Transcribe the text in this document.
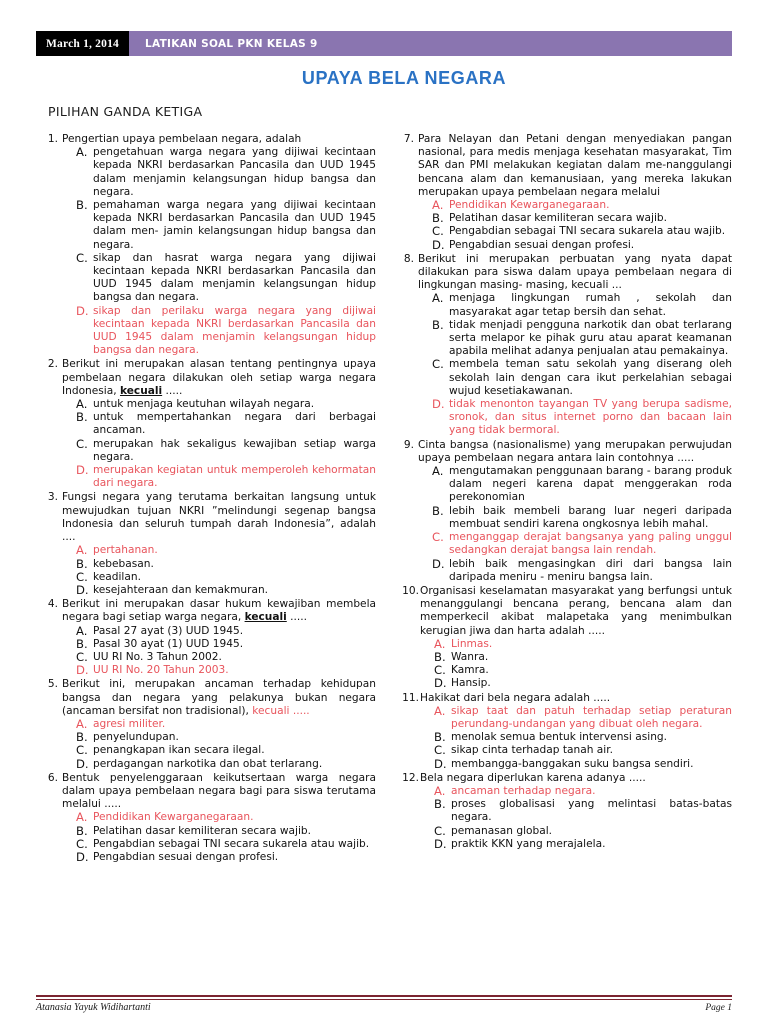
March 1, 2014	LATIKAN SOAL PKN KELAS 9
UPAYA BELA NEGARA
PILIHAN GANDA KETIGA
1. Pengertian upaya pembelaan negara, adalah
A. pengetahuan warga negara yang dijiwai kecintaan kepada NKRI berdasarkan Pancasila dan UUD 1945 dalam menjamin kelangsungan hidup bangsa dan negara.
B. pemahaman warga negara yang dijiwai kecintaan kepada NKRI berdasarkan Pancasila dan UUD 1945 dalam men- jamin kelangsungan hidup bangsa dan negara.
C. sikap dan hasrat warga negara yang dijiwai kecintaan kepada NKRI berdasarkan Pancasila dan UUD 1945 dalam menjamin kelangsungan hidup bangsa dan negara.
D. sikap dan perilaku warga negara yang dijiwai kecintaan kepada NKRI berdasarkan Pancasila dan UUD 1945 dalam menjamin kelangsungan hidup bangsa dan negara.
2. Berikut ini merupakan alasan tentang pentingnya upaya pembelaan negara dilakukan oleh setiap warga negara Indonesia, kecuali .....
A. untuk menjaga keutuhan wilayah negara.
B. untuk mempertahankan negara dari berbagai ancaman.
C. merupakan hak sekaligus kewajiban setiap warga negara.
D. merupakan kegiatan untuk memperoleh kehormatan dari negara.
3. Fungsi negara yang terutama berkaitan langsung untuk mewujudkan tujuan NKRI ”melindungi segenap bangsa Indonesia dan seluruh tumpah darah Indonesia”, adalah ....
A. pertahanan.
B. kebebasan.
C. keadilan.
D. kesejahteraan dan kemakmuran.
4. Berikut ini merupakan dasar hukum kewajiban membela negara bagi setiap warga negara, kecuali .....
A. Pasal 27 ayat (3) UUD 1945.
B. Pasal 30 ayat (1) UUD 1945.
C. UU RI No. 3 Tahun 2002.
D. UU RI No. 20 Tahun 2003.
5. Berikut ini, merupakan ancaman terhadap kehidupan bangsa dan negara yang pelakunya bukan negara (ancaman bersifat non tradisional), kecuali .....
A. agresi militer.
B. penyelundupan.
C. penangkapan ikan secara ilegal.
D. perdagangan narkotika dan obat terlarang.
6. Bentuk penyelenggaraan keikutsertaan warga negara dalam upaya pembelaan negara bagi para siswa terutama melalui .....
A. Pendidikan Kewarganegaraan.
B. Pelatihan dasar kemiliteran secara wajib.
C. Pengabdian sebagai TNI secara sukarela atau wajib.
D. Pengabdian sesuai dengan profesi.
7. Para Nelayan dan Petani dengan menyediakan pangan nasional, para medis menjaga kesehatan masyarakat, Tim SAR dan PMI melakukan kegiatan dalam me-nanggulangi bencana alam dan kemanusiaan, yang mereka lakukan merupakan upaya pembelaan negara melalui
A. Pendidikan Kewarganegaraan.
B. Pelatihan dasar kemiliteran secara wajib.
C. Pengabdian sebagai TNI secara sukarela atau wajib.
D. Pengabdian sesuai dengan profesi.
8. Berikut ini merupakan perbuatan yang nyata dapat dilakukan para siswa dalam upaya pembelaan negara di lingkungan masing- masing, kecuali ...
A. menjaga lingkungan rumah , sekolah dan masyarakat agar tetap bersih dan sehat.
B. tidak menjadi pengguna narkotik dan obat terlarang serta melapor ke pihak guru atau aparat keamanan apabila melihat adanya penjualan atau pemakainya.
C. membela teman satu sekolah yang diserang oleh sekolah lain dengan cara ikut perkelahian sebagai wujud kesetiakawanan.
D. tidak menonton tayangan TV yang berupa sadisme, sronok, dan situs internet porno dan bacaan lain yang tidak bermoral.
9. Cinta bangsa (nasionalisme) yang merupakan perwujudan upaya pembelaan negara antara lain contohnya .....
A. mengutamakan penggunaan barang - barang produk dalam negeri karena dapat menggerakan roda perekonomian
B. lebih baik membeli barang luar negeri daripada membuat sendiri karena ongkosnya lebih mahal.
C. menganggap derajat bangsanya yang paling unggul sedangkan derajat bangsa lain rendah.
D. lebih baik mengasingkan diri dari bangsa lain daripada meniru - meniru bangsa lain.
10. Organisasi keselamatan masyarakat yang berfungsi untuk menanggulangi bencana perang, bencana alam dan memperkecil akibat malapetaka yang menimbulkan kerugian jiwa dan harta adalah .....
A. Linmas.
B. Wanra.
C. Kamra.
D. Hansip.
11. Hakikat dari bela negara adalah .....
A. sikap taat dan patuh terhadap setiap peraturan perundang-undangan yang dibuat oleh negara.
B. menolak semua bentuk intervensi asing.
C. sikap cinta terhadap tanah air.
D. membangga-banggakan suku bangsa sendiri.
12. Bela negara diperlukan karena adanya .....
A. ancaman terhadap negara.
B. proses globalisasi yang melintasi batas-batas negara.
C. pemanasan global.
D. praktik KKN yang merajalela.
Atanasia Yayuk Widihartanti	Page 1
